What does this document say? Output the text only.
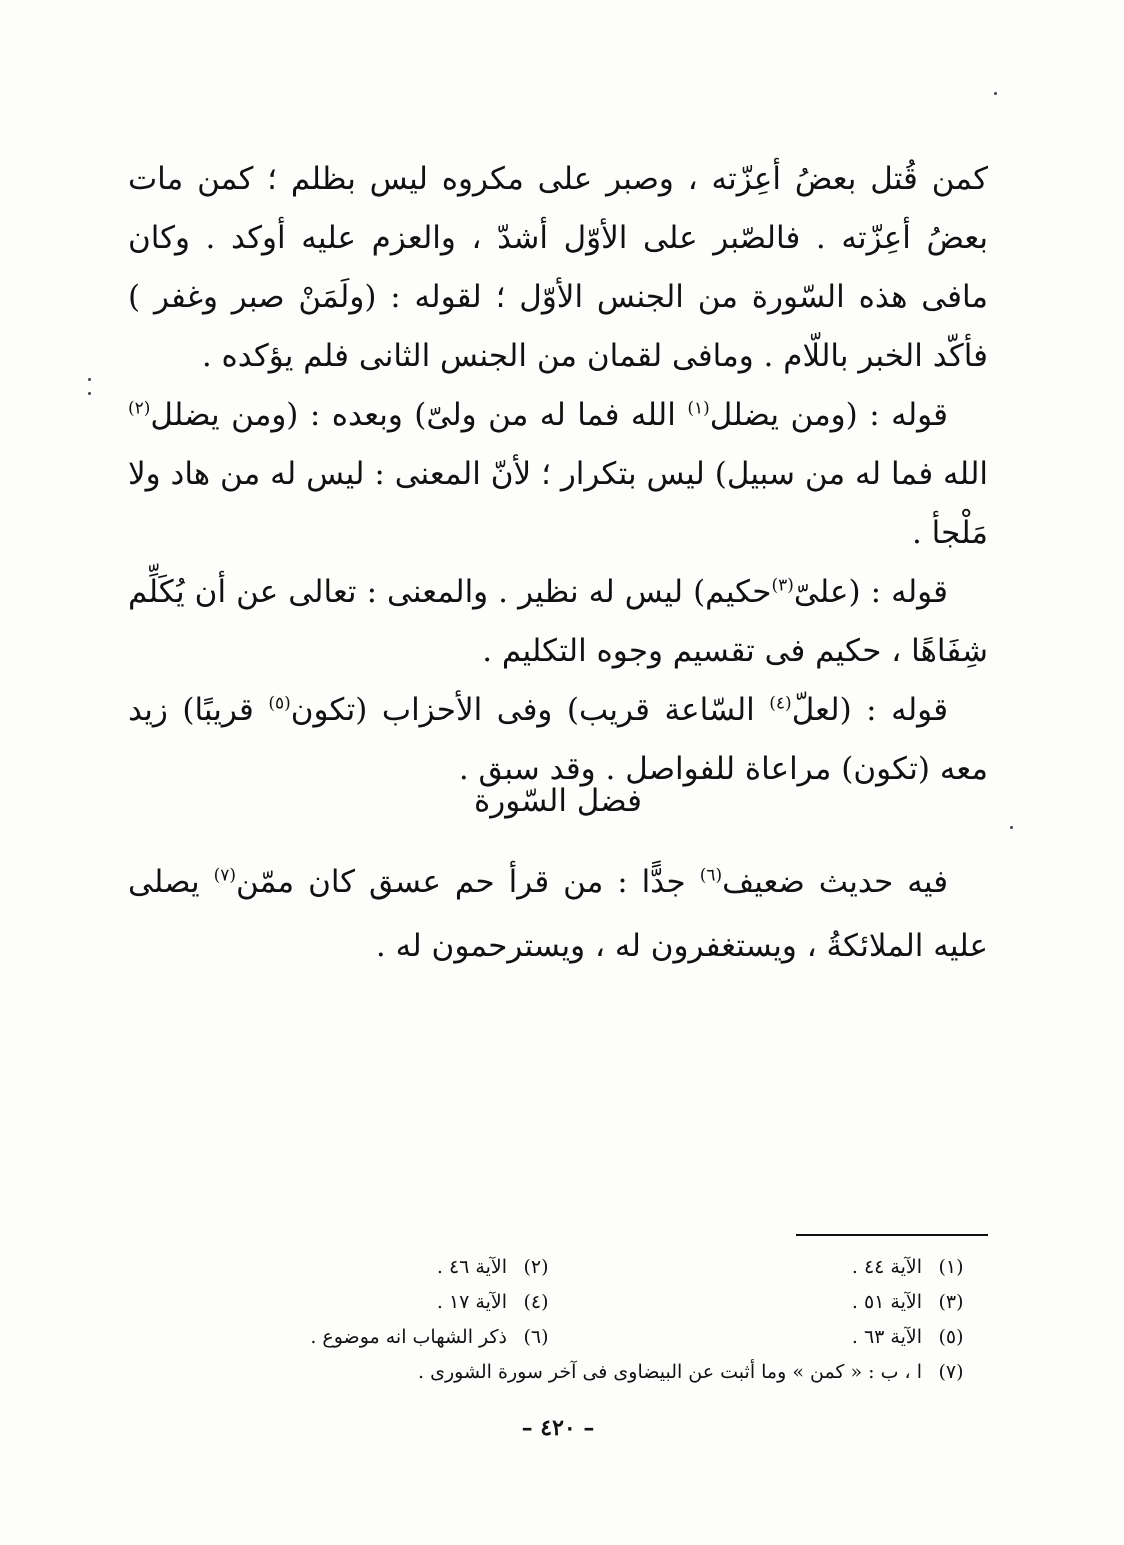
كمن قُتل بعضُ أعِزّته ، وصبر على مكروه ليس بظلم ؛ كمن مات بعضُ أعِزّته . فالصّبر على الأوّل أشدّ ، والعزم عليه أوكد . وكان مافى هذه السّورة من الجنس الأوّل ؛ لقوله : (ولَمَنْ صبر وغفر ) فأكّد الخبر باللّام . ومافى لقمان من الجنس الثانى فلم يؤكده .

قوله : (ومن يضلل$^{(١)}$ الله فما له من ولىّ) وبعده : (ومن يضلل$^{(٢)}$ الله فما له من سبيل) ليس بتكرار ؛ لأنّ المعنى : ليس له من هاد ولا مَلْجأ .

قوله : (علىّ$^{(٣)}$حكيم) ليس له نظير . والمعنى : تعالى عن أن يُكَلِّم شِفَاهًا ، حكيم فى تقسيم وجوه التكليم .

قوله : (لعلّ$^{(٤)}$ السّاعة قريب) وفى الأحزاب (تكون$^{(٥)}$ قريبًا) زيد معه (تكون) مراعاة للفواصل . وقد سبق .

فضل السّورة

فيه حديث ضعيف$^{(٦)}$ جدًّا : من قرأ حم عسق كان ممّن$^{(٧)}$ يصلى عليه الملائكةُ ، ويستغفرون له ، ويسترحمون له .

(١)
الآية ٤٤ .
(٢)
الآية ٤٦ .
(٣)
الآية ٥١ .
(٤)
الآية ١٧ .
(٥)
الآية ٦٣ .
(٦)
ذكر الشهاب انه موضوع .
(٧)
ا ، ب : « كمن » وما أثبت عن البيضاوى فى آخر سورة الشورى .
– ٤٢٠ –
